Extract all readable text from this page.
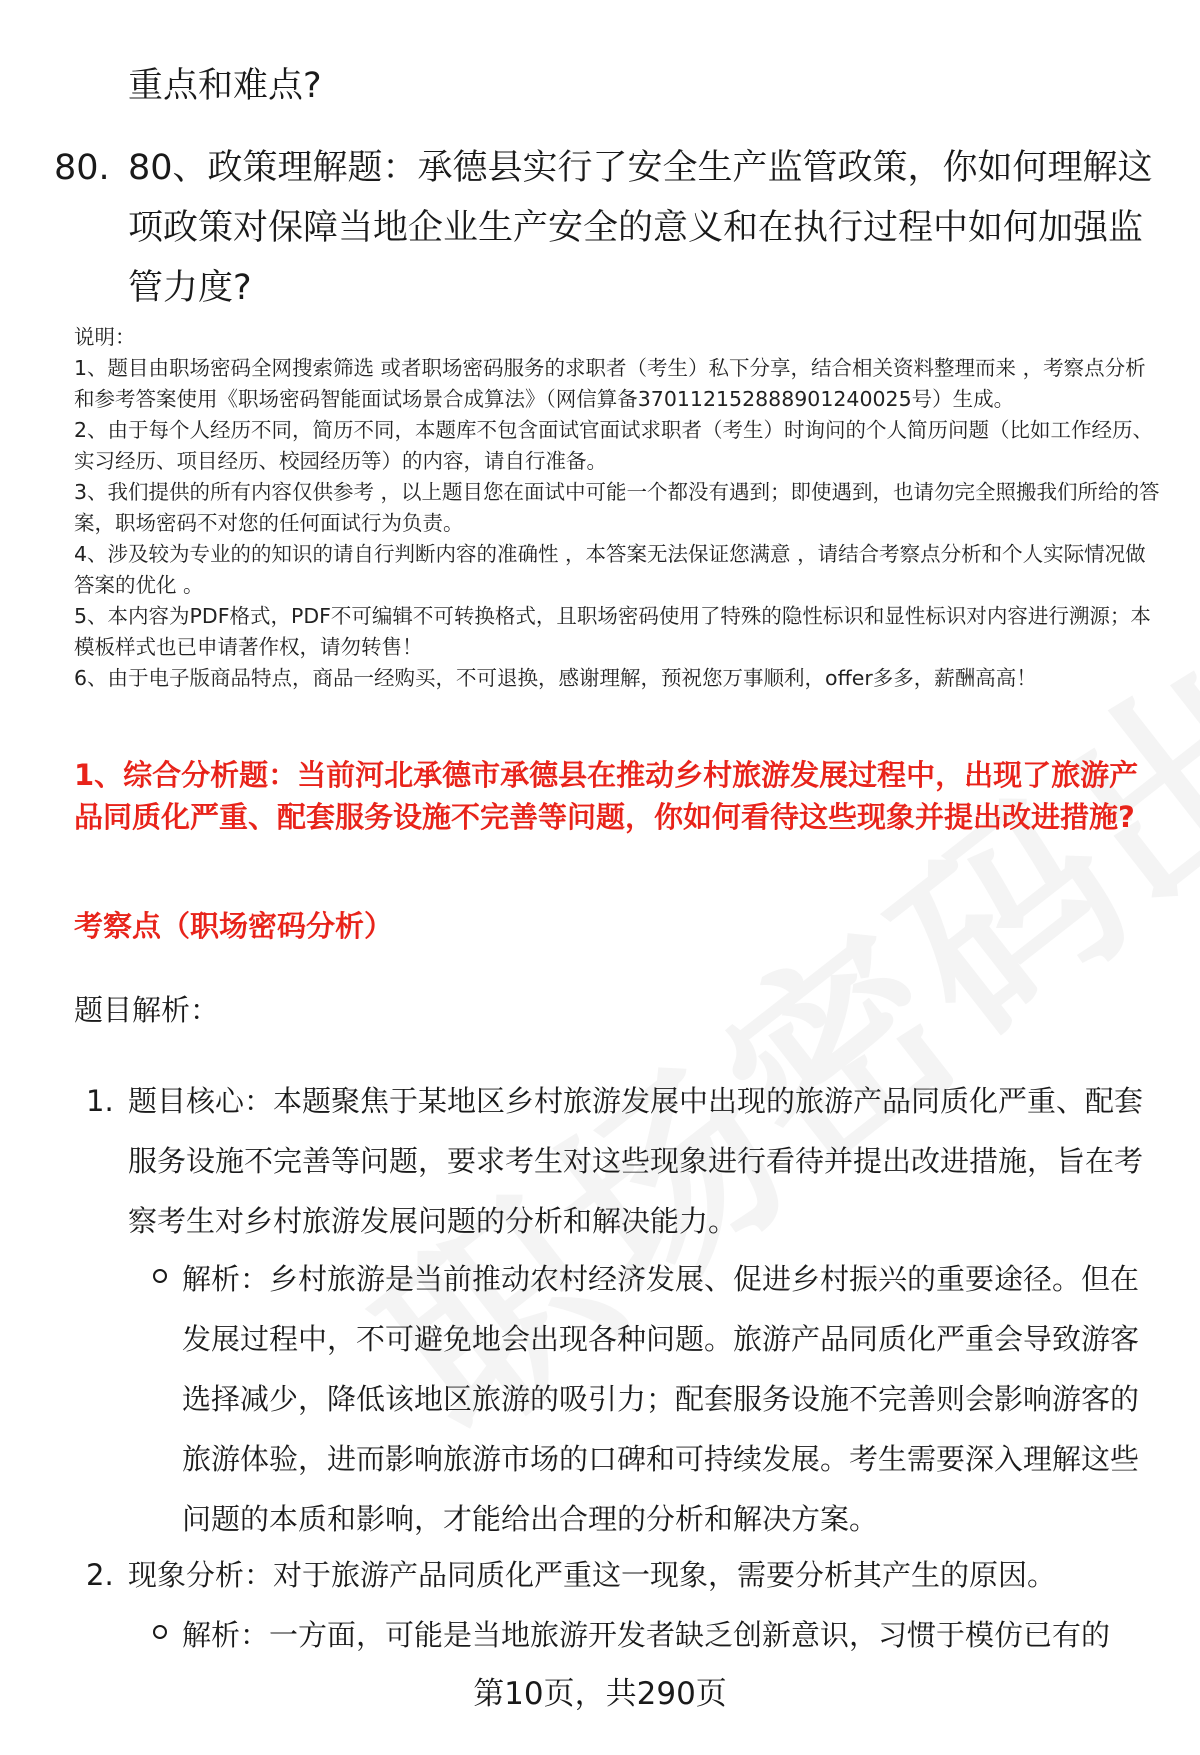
重点和难点?
80. 80、政策理解题：承德县实行了安全生产监管政策，你如何理解这项政策对保障当地企业生产安全的意义和在执行过程中如何加强监管力度?

说明：

1、题目由职场密码全网搜索筛选 或者职场密码服务的求职者（考生）私下分享，结合相关资料整理而来 ，考察点分析和参考答案使用《职场密码智能面试场景合成算法》（网信算备370112152888901240025号）生成。

2、由于每个人经历不同，简历不同，本题库不包含面试官面试求职者（考生）时询问的个人简历问题（比如工作经历、实习经历、项目经历、校园经历等）的内容，请自行准备。

3、我们提供的所有内容仅供参考 ，以上题目您在面试中可能一个都没有遇到；即使遇到，也请勿完全照搬我们所给的答案，职场密码不对您的任何面试行为负责。

4、涉及较为专业的的知识的请自行判断内容的准确性 ，本答案无法保证您满意 ，请结合考察点分析和个人实际情况做答案的优化 。

5、本内容为PDF格式，PDF不可编辑不可转换格式，且职场密码使用了特殊的隐性标识和显性标识对内容进行溯源；本模板样式也已申请著作权，请勿转售！

6、由于电子版商品特点，商品一经购买，不可退换，感谢理解，预祝您万事顺利，offer多多，薪酬高高！

1、综合分析题：当前河北承德市承德县在推动乡村旅游发展过程中，出现了旅游产品同质化严重、配套服务设施不完善等问题，你如何看待这些现象并提出改进措施?
考察点（职场密码分析）
题目解析：
1. 题目核心：本题聚焦于某地区乡村旅游发展中出现的旅游产品同质化严重、配套服务设施不完善等问题，要求考生对这些现象进行看待并提出改进措施，旨在考察考生对乡村旅游发展问题的分析和解决能力。
解析：乡村旅游是当前推动农村经济发展、促进乡村振兴的重要途径。但在发展过程中，不可避免地会出现各种问题。旅游产品同质化严重会导致游客选择减少，降低该地区旅游的吸引力；配套服务设施不完善则会影响游客的旅游体验，进而影响旅游市场的口碑和可持续发展。考生需要深入理解这些问题的本质和影响，才能给出合理的分析和解决方案。
2. 现象分析：对于旅游产品同质化严重这一现象，需要分析其产生的原因。
解析：一方面，可能是当地旅游开发者缺乏创新意识，习惯于模仿已有的
第10页，共290页
